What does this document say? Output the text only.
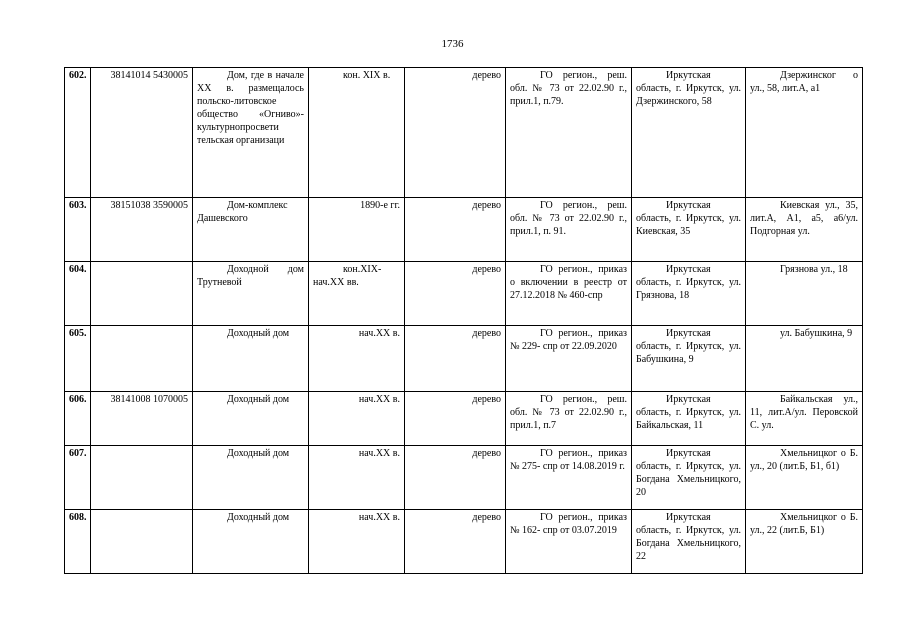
1736
602.	38141014 5430005	Дом, где в начале XX в. размещалось польско-литовское общество «Огниво»-культурнопросвети тельская организаци	кон. XIX в.	дерево	ГО регион., реш. обл. № 73 от 22.02.90 г., прил.1, п.79.	Иркутская область, г. Иркутск, ул. Дзержинского, 58	Дзержинског о ул., 58, лит.А, а1
603.	38151038 3590005	Дом-комплекс Дашевского	1890-е гг.	дерево	ГО регион., реш. обл. № 73 от 22.02.90 г., прил.1, п. 91.	Иркутская область, г. Иркутск, ул. Киевская, 35	Киевская ул., 35, лит.А, А1, а5, а6/ул. Подгорная ул.
604.		Доходной дом Трутневой	кон.XIX-нач.XX вв.	дерево	ГО регион., приказ о включении в реестр от 27.12.2018 № 460-спр	Иркутская область, г. Иркутск, ул. Грязнова, 18	Грязнова ул., 18
605.		Доходный дом	нач.XX в.	дерево	ГО регион., приказ № 229- спр от 22.09.2020	Иркутская область, г. Иркутск, ул. Бабушкина, 9	ул. Бабушкина, 9
606.	38141008 1070005	Доходный дом	нач.XX в.	дерево	ГО регион., реш. обл. № 73 от 22.02.90 г., прил.1, п.7	Иркутская область, г. Иркутск, ул. Байкальская, 11	Байкальская ул., 11, лит.А/ул. Перовской С. ул.
607.		Доходный дом	нач.XX в.	дерево	ГО регион., приказ № 275- спр от 14.08.2019 г.	Иркутская область, г. Иркутск, ул. Богдана Хмельницкого, 20	Хмельницког о Б. ул., 20 (лит.Б, Б1, б1)
608.		Доходный дом	нач.XX в.	дерево	ГО регион., приказ № 162- спр от 03.07.2019	Иркутская область, г. Иркутск, ул. Богдана Хмельницкого, 22	Хмельницког о Б. ул., 22 (лит.Б, Б1)
